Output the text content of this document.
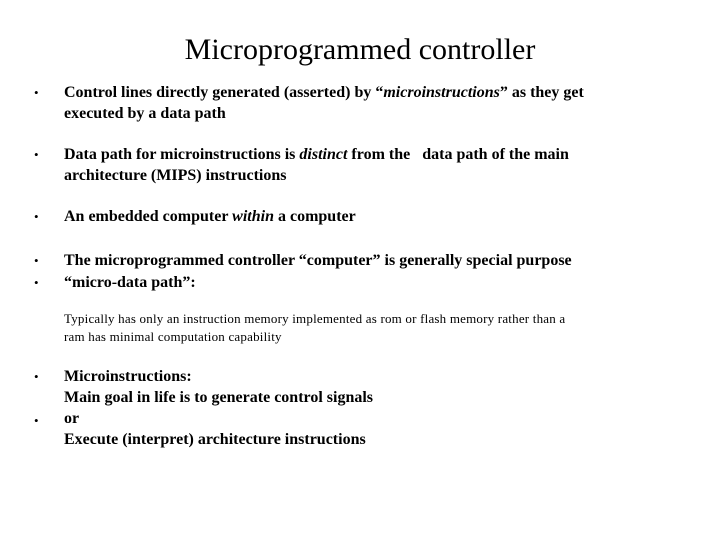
Microprogrammed controller
• Control lines directly generated (asserted) by “microinstructions” as they get
executed by a data path
• Data path for microinstructions is distinct from the   data path of the main
architecture (MIPS) instructions
• An embedded computer within a computer
• The microprogrammed controller “computer” is generally special purpose
• “micro‑data path”:
Typically has only an instruction memory implemented as rom or flash memory rather than a
ram has minimal computation capability
•
•
Microinstructions:
Main goal in life is to generate control signals
or
Execute (interpret) architecture instructions
